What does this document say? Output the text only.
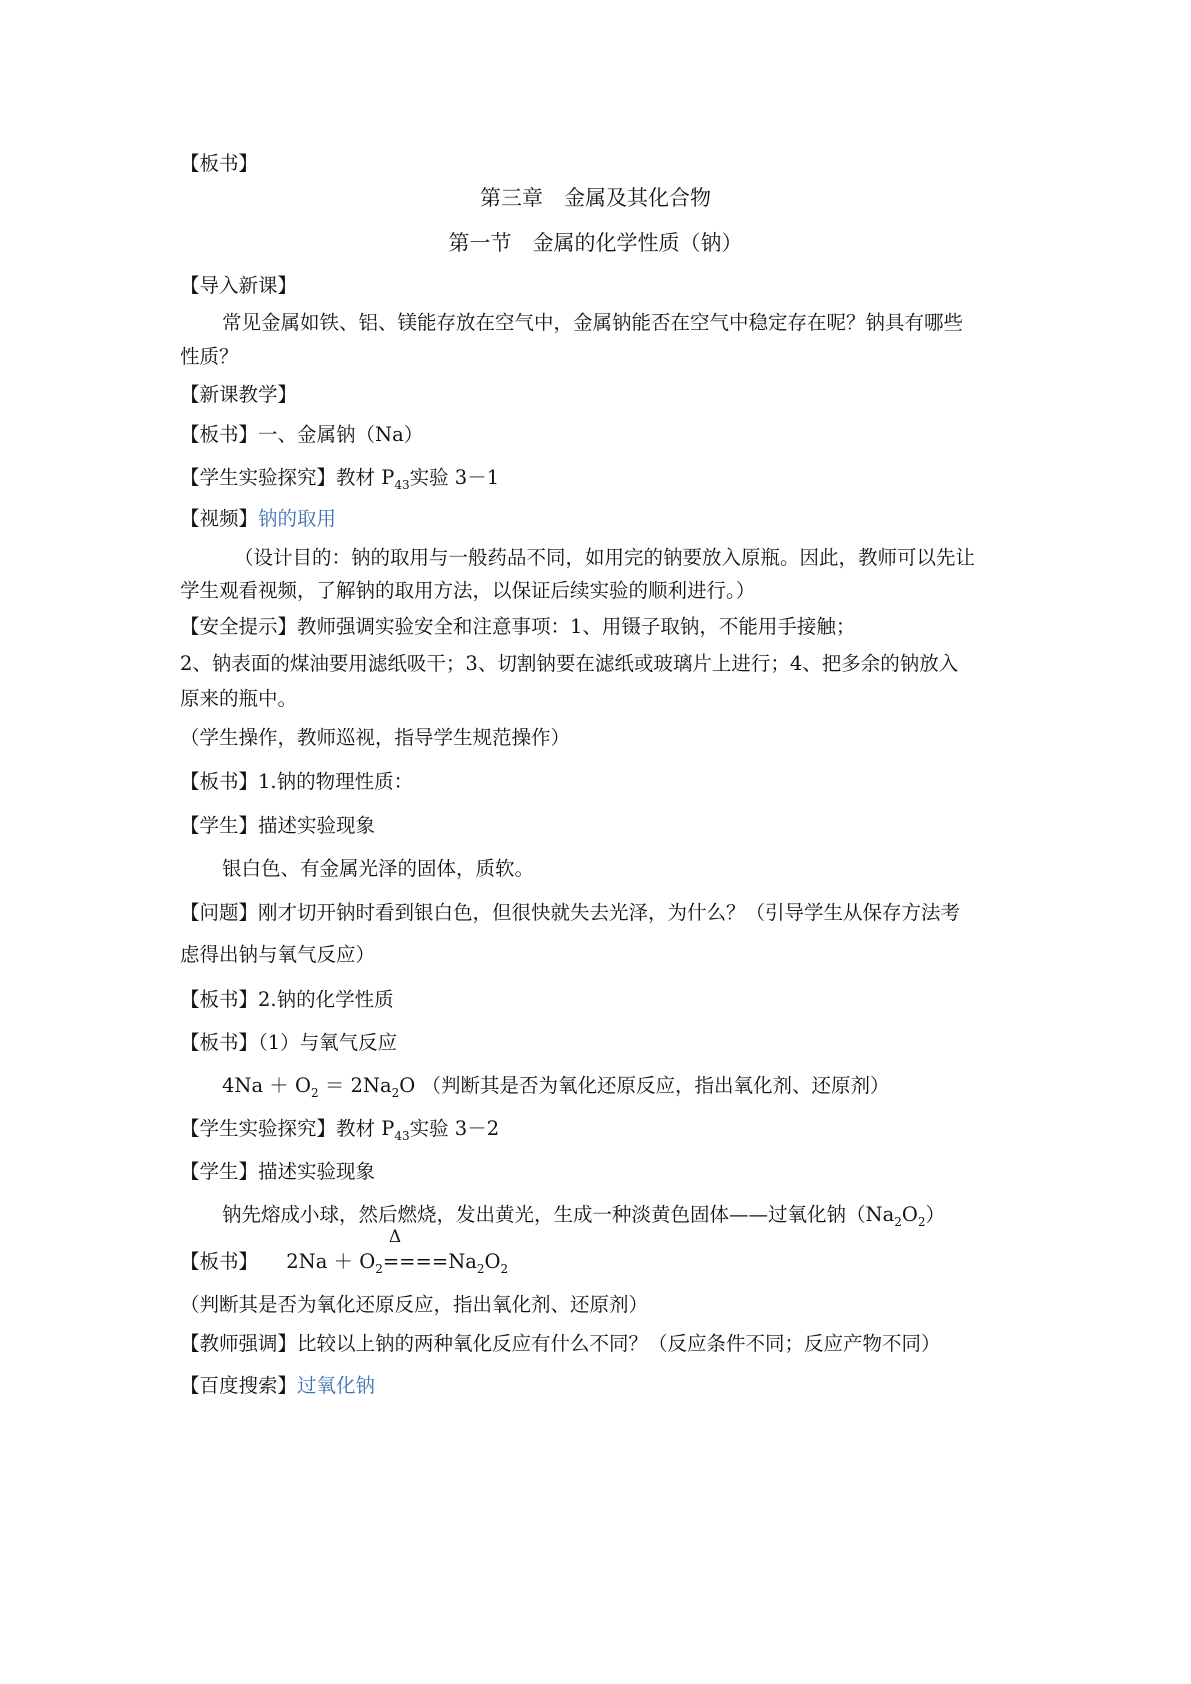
【板书】
第三章　金属及其化合物
第一节　金属的化学性质（钠）
【导入新课】
常见金属如铁、铝、镁能存放在空气中，金属钠能否在空气中稳定存在呢？钠具有哪些
性质？
【新课教学】
【板书】一、金属钠（Na）
【学生实验探究】教材 $P_{43}$实验 3－1
【视频】钠的取用
（设计目的：钠的取用与一般药品不同，如用完的钠要放入原瓶。因此，教师可以先让
学生观看视频，了解钠的取用方法，以保证后续实验的顺利进行。）
【安全提示】教师强调实验安全和注意事项：1、用镊子取钠，不能用手接触；
2、钠表面的煤油要用滤纸吸干；3、切割钠要在滤纸或玻璃片上进行；4、把多余的钠放入
原来的瓶中。
（学生操作，教师巡视，指导学生规范操作）
【板书】1.钠的物理性质：
【学生】描述实验现象
银白色、有金属光泽的固体，质软。
【问题】刚才切开钠时看到银白色，但很快就失去光泽，为什么？（引导学生从保存方法考
虑得出钠与氧气反应）
【板书】2.钠的化学性质
【板书】（1）与氧气反应
$4Na + O_2 = 2Na_2O$ （判断其是否为氧化还原反应，指出氧化剂、还原剂）
【学生实验探究】教材 $P_{43}$实验 3－2
【学生】描述实验现象
钠先熔成小球，然后燃烧，发出黄光，生成一种淡黄色固体——过氧化钠$(Na_2O_2)$
【板书】 $2Na + O_2====$
Δ
$Na_2O_2$
（判断其是否为氧化还原反应，指出氧化剂、还原剂）
【教师强调】比较以上钠的两种氧化反应有什么不同？（反应条件不同；反应产物不同）
【百度搜索】过氧化钠
